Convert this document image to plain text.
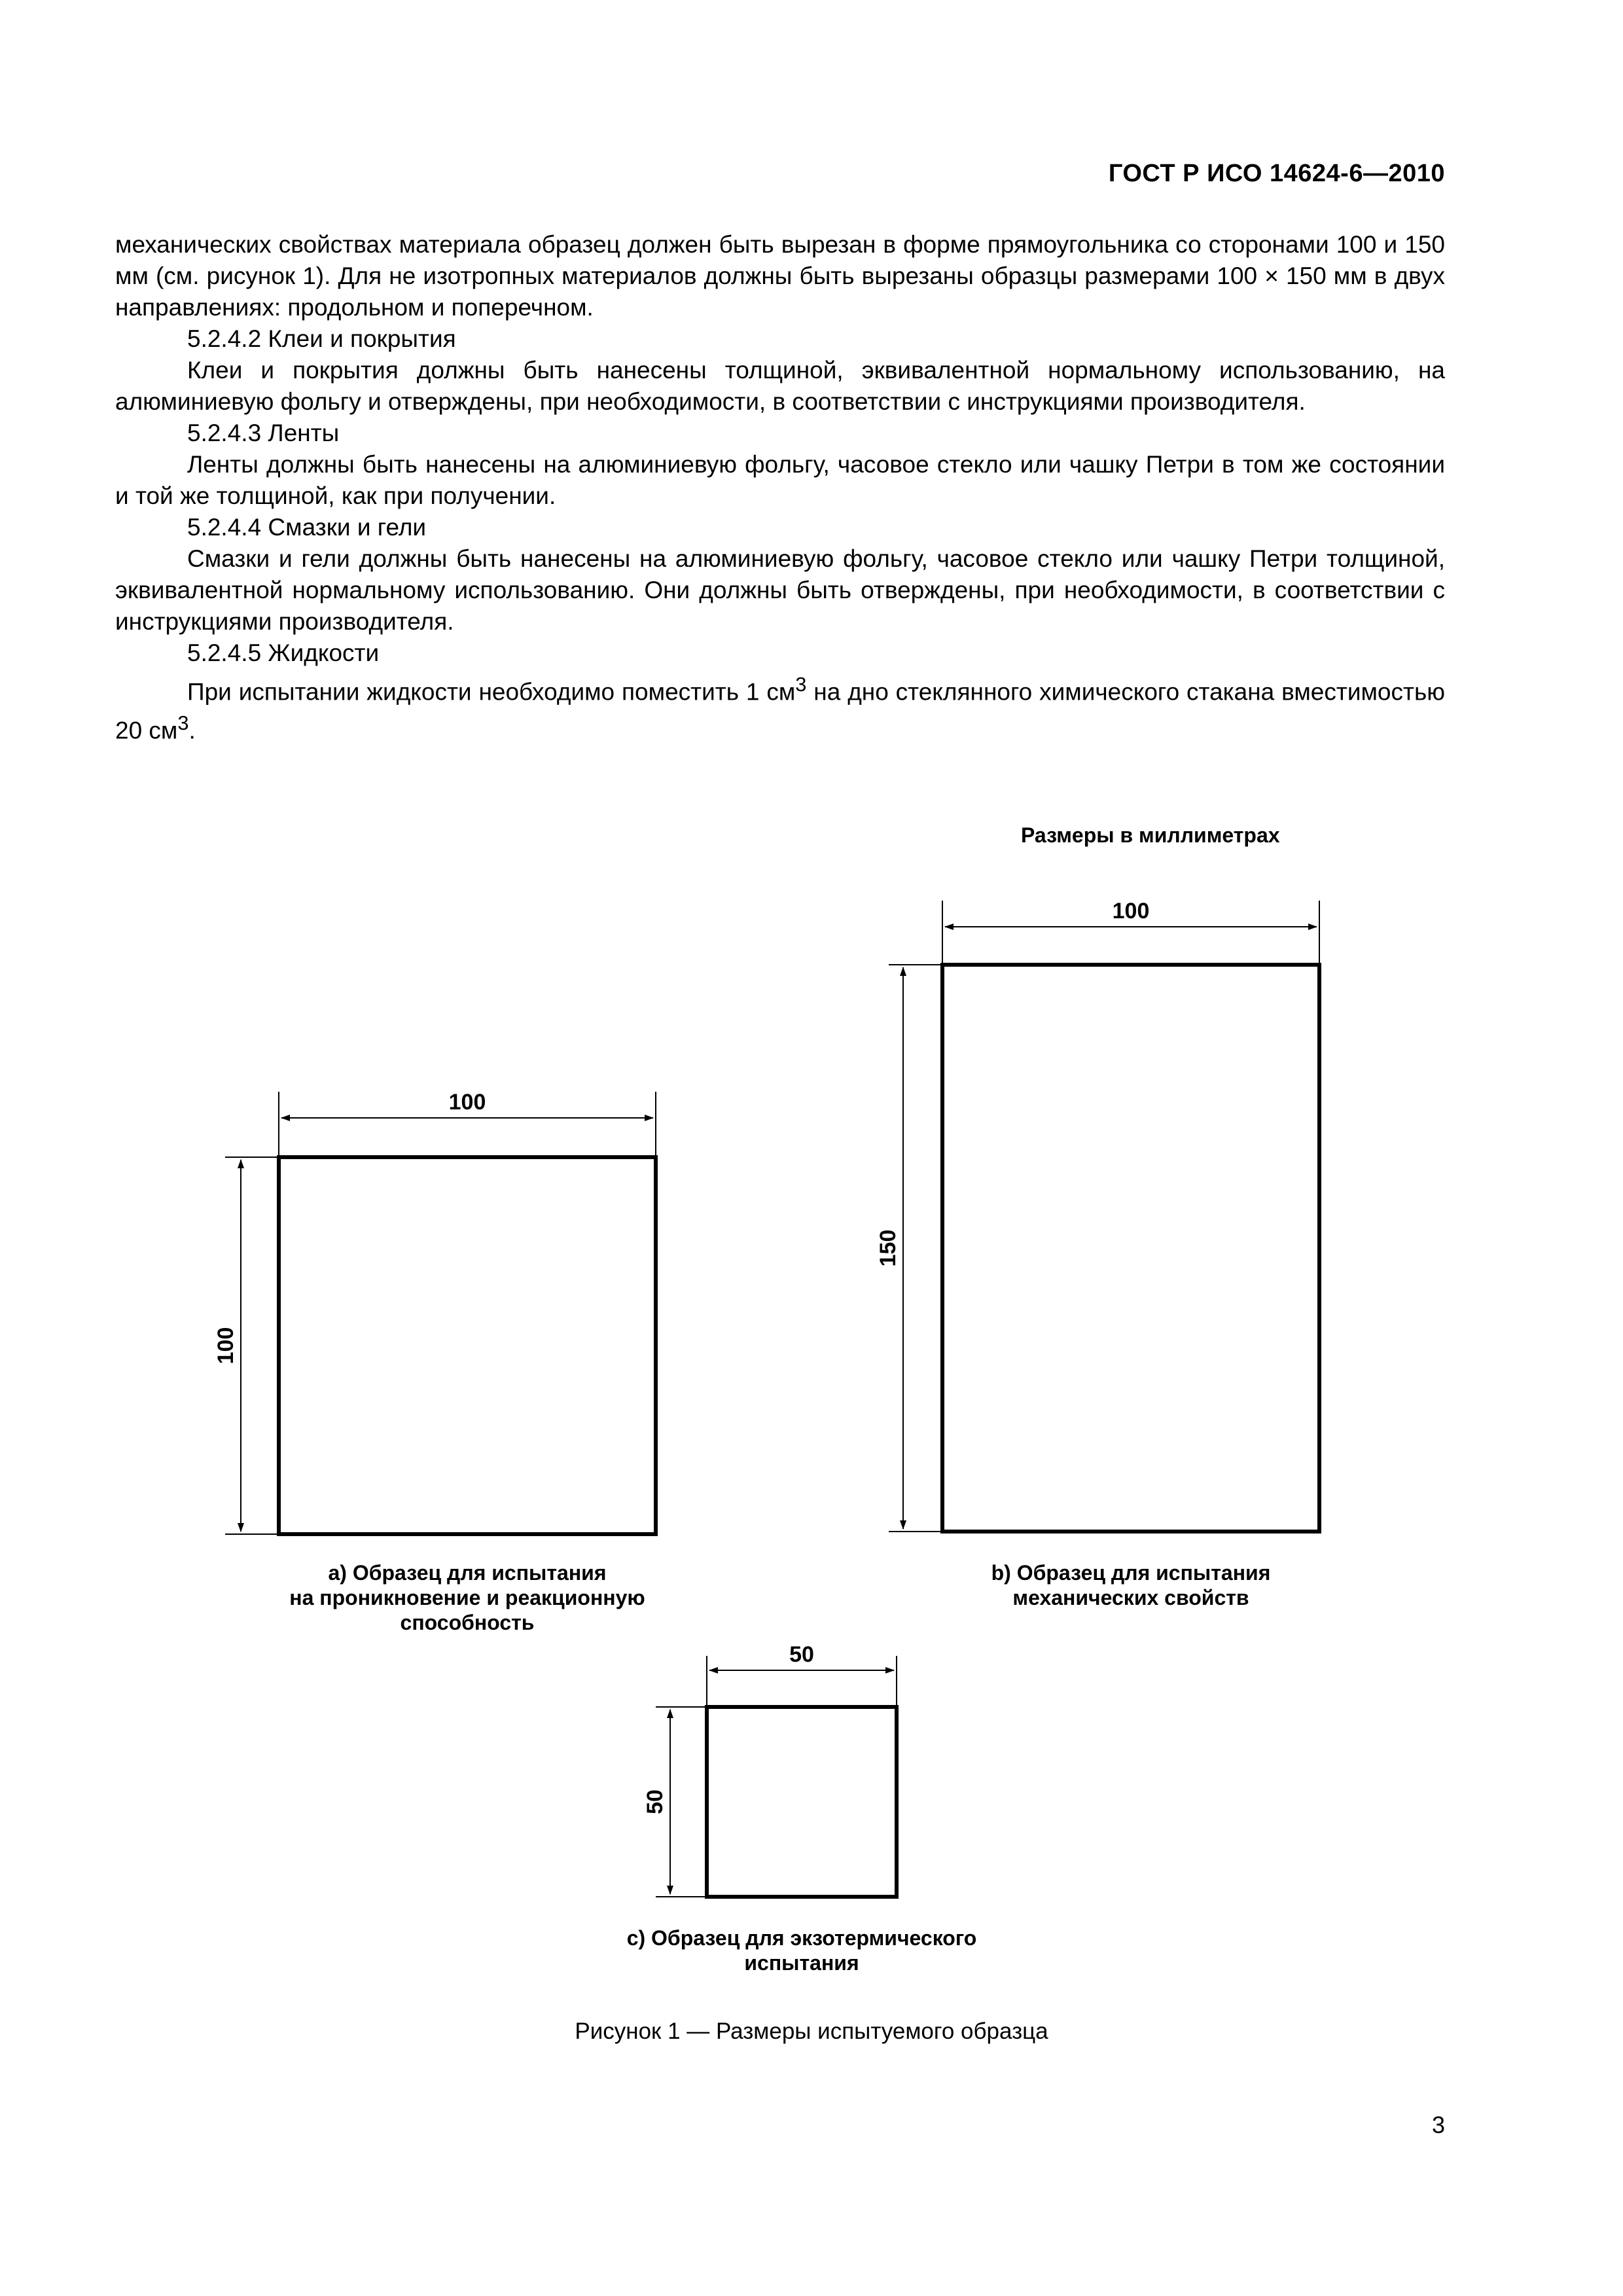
ГОСТ Р ИСО 14624-6—2010

механических свойствах материала образец должен быть вырезан в форме прямоугольника со сторонами 100 и 150 мм (см. рисунок 1). Для не изотропных материалов должны быть вырезаны образцы размерами 100 × 150 мм в двух направлениях: продольном и поперечном.

5.2.4.2 Клеи и покрытия

Клеи и покрытия должны быть нанесены толщиной, эквивалентной нормальному использованию, на алюминиевую фольгу и отверждены, при необходимости, в соответствии с инструкциями производителя.

5.2.4.3 Ленты

Ленты должны быть нанесены на алюминиевую фольгу, часовое стекло или чашку Петри в том же состоянии и той же толщиной, как при получении.

5.2.4.4 Смазки и гели

Смазки и гели должны быть нанесены на алюминиевую фольгу, часовое стекло или чашку Петри толщиной, эквивалентной нормальному использованию. Они должны быть отверждены, при необходимости, в соответствии с инструкциями производителя.

5.2.4.5 Жидкости

При испытании жидкости необходимо поместить 1 $см^3$ на дно стеклянного химического стакана вместимостью 20 $см^3$.

Размеры в миллиметрах
100
100
100
150
50
50
а) Образец для испытания
на проникновение и реакционную
способность
b) Образец для испытания
механических свойств
с) Образец для экзотермического
испытания
Рисунок 1 — Размеры испытуемого образца
3
